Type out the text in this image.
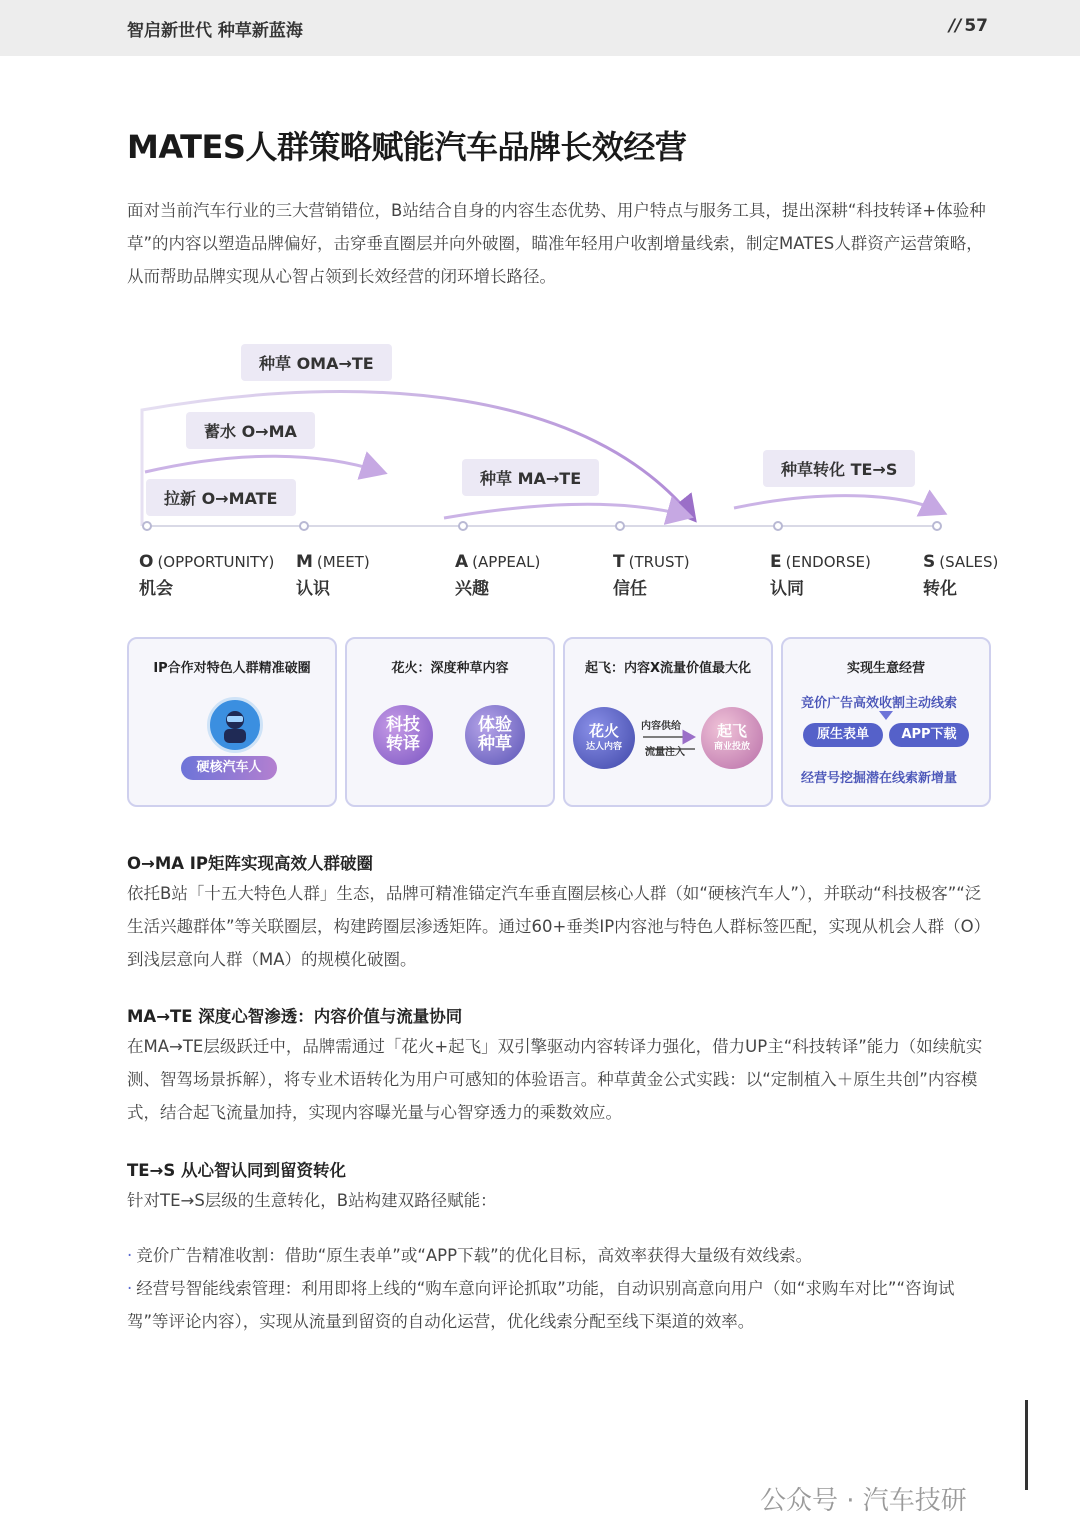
智启新世代 种草新蓝海	// 57
MATES人群策略赋能汽车品牌长效经营

面对当前汽车行业的三大营销错位，B站结合自身的内容生态优势、用户特点与服务工具，提出深耕“科技转译+体验种草”的内容以塑造品牌偏好，击穿垂直圈层并向外破圈，瞄准年轻用户收割增量线索，制定MATES人群资产运营策略，从而帮助品牌实现从心智占领到长效经营的闭环增长路径。

种草 OMA→TE
蓄水 O→MA
拉新 O→MATE
种草 MA→TE	种草转化 TE→S
O (OPPORTUNITY)
机会
M (MEET)
认识
A (APPEAL)
兴趣
T (TRUST)
信任
E (ENDORSE)
认同
S (SALES)
转化
IP合作对特色人群精准破圈
硬核汽车人
花火：深度种草内容
科技转译
体验种草
起飞：内容X流量价值最大化
花火
达人内容
内容供给
流量注入
起飞
商业投放
实现生意经营
竞价广告高效收割主动线索
原生表单	APP下载
经营号挖掘潜在线索新增量

O→MA IP矩阵实现高效人群破圈

依托B站「十五大特色人群」生态，品牌可精准锚定汽车垂直圈层核心人群（如“硬核汽车人”），并联动“科技极客”“泛生活兴趣群体”等关联圈层，构建跨圈层渗透矩阵。通过60+垂类IP内容池与特色人群标签匹配，实现从机会人群（O）到浅层意向人群（MA）的规模化破圈。

MA→TE 深度心智渗透：内容价值与流量协同

在MA→TE层级跃迁中，品牌需通过「花火+起飞」双引擎驱动内容转译力强化，借力UP主“科技转译”能力（如续航实测、智驾场景拆解），将专业术语转化为用户可感知的体验语言。种草黄金公式实践：以“定制植入＋原生共创”内容模式，结合起飞流量加持，实现内容曝光量与心智穿透力的乘数效应。

TE→S 从心智认同到留资转化

针对TE→S层级的生意转化，B站构建双路径赋能：

· 竞价广告精准收割：借助“原生表单”或“APP下载”的优化目标，高效率获得大量级有效线索。

· 经营号智能线索管理：利用即将上线的“购车意向评论抓取”功能，自动识别高意向用户（如“求购车对比”“咨询试驾”等评论内容），实现从流量到留资的自动化运营，优化线索分配至线下渠道的效率。

公众号 · 汽车技研
